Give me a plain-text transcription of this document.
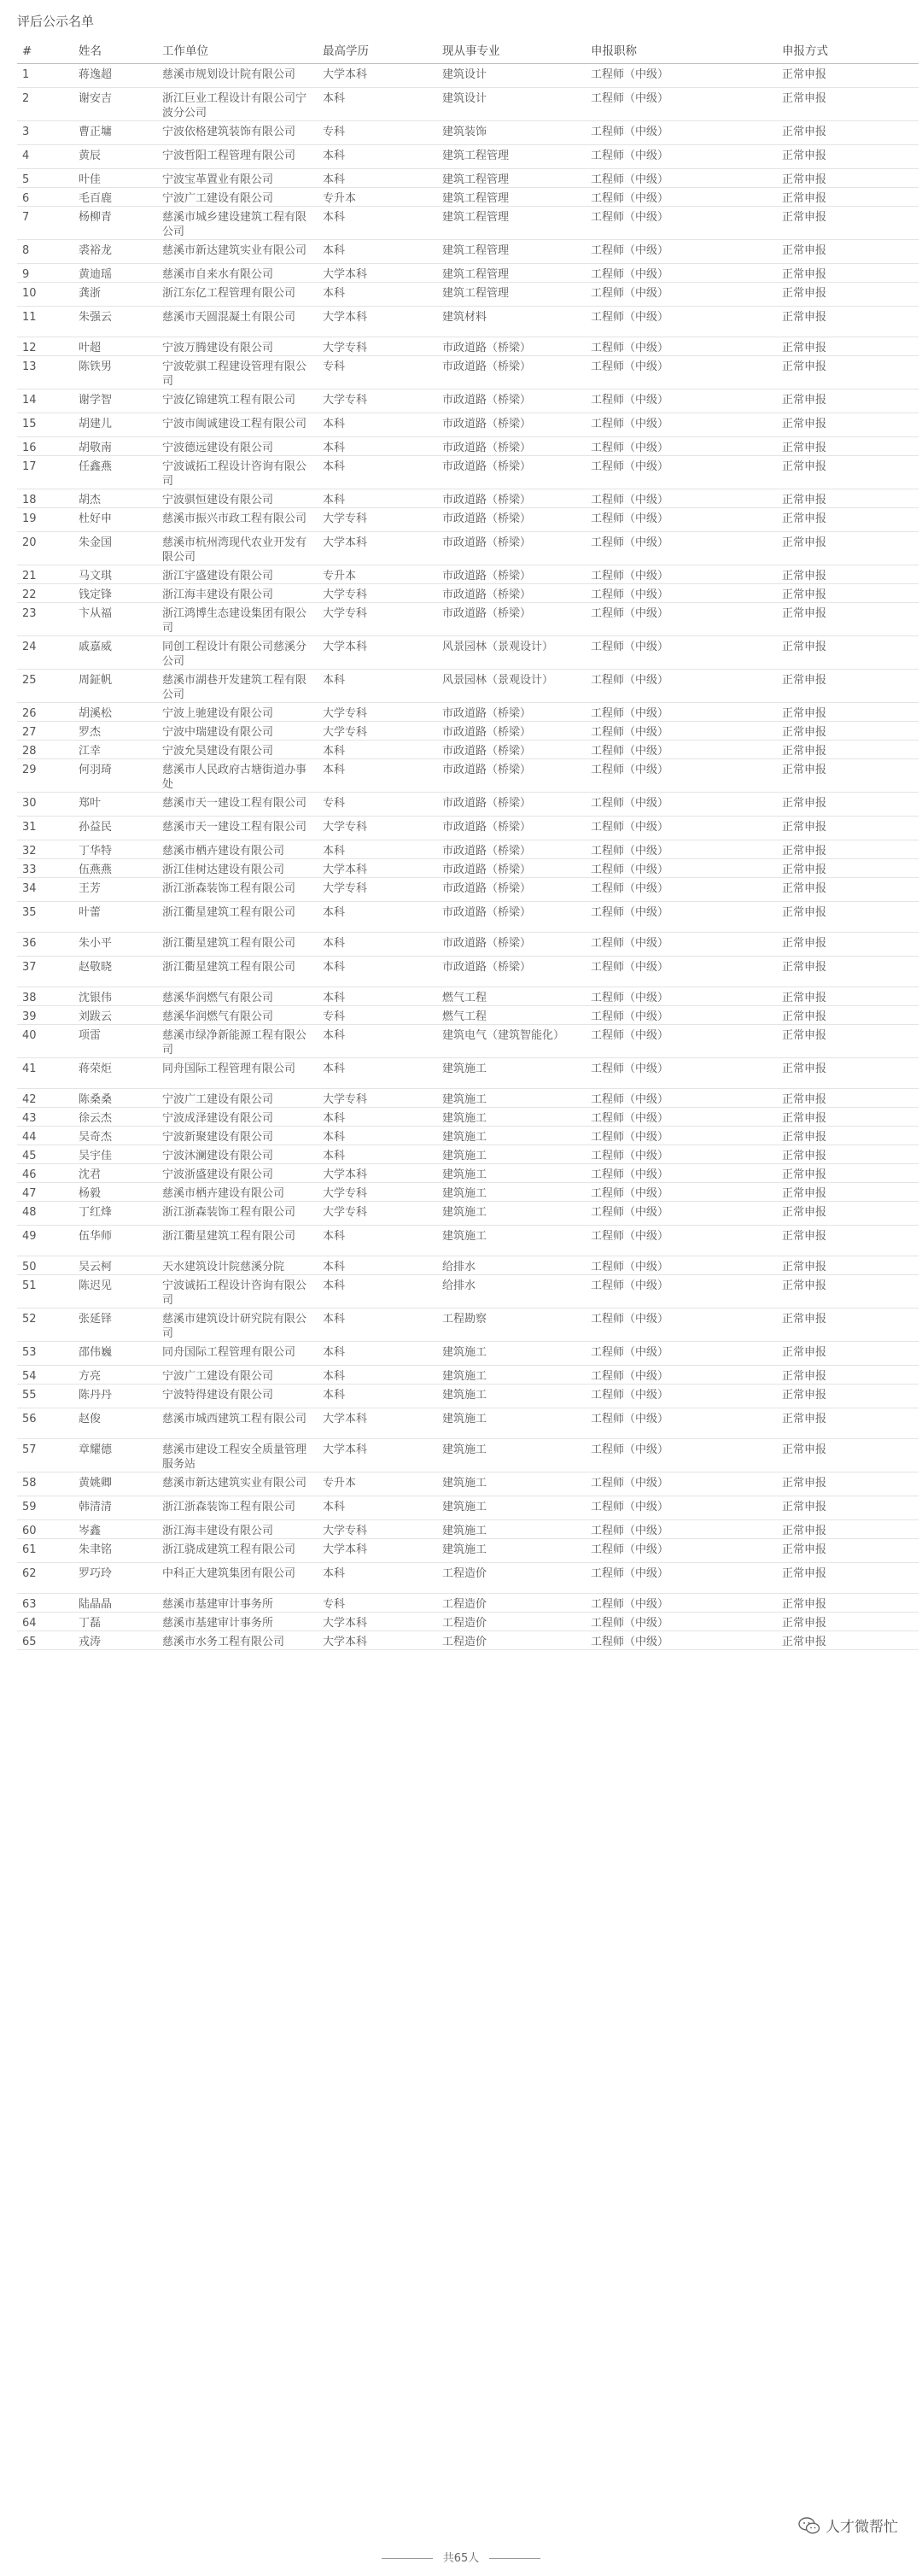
评后公示名单
#	姓名	工作单位	最高学历	现从事专业	申报职称	申报方式
1	蒋逸超	慈溪市规划设计院有限公司	大学本科	建筑设计	工程师（中级）	正常申报
2	谢安吉	浙江巨业工程设计有限公司宁波分公司	本科	建筑设计	工程师（中级）	正常申报
3	曹正墉	宁波依格建筑装饰有限公司	专科	建筑装饰	工程师（中级）	正常申报
4	黄辰	宁波哲阳工程管理有限公司	本科	建筑工程管理	工程师（中级）	正常申报
5	叶佳	宁波宝革置业有限公司	本科	建筑工程管理	工程师（中级）	正常申报
6	毛百鹿	宁波广工建设有限公司	专升本	建筑工程管理	工程师（中级）	正常申报
7	杨柳青	慈溪市城乡建设建筑工程有限公司	本科	建筑工程管理	工程师（中级）	正常申报
8	裘裕龙	慈溪市新达建筑实业有限公司	本科	建筑工程管理	工程师（中级）	正常申报
9	黄迪瑶	慈溪市自来水有限公司	大学本科	建筑工程管理	工程师（中级）	正常申报
10	龚浙	浙江东亿工程管理有限公司	本科	建筑工程管理	工程师（中级）	正常申报
11	朱强云	慈溪市天圆混凝土有限公司	大学本科	建筑材料	工程师（中级）	正常申报
12	叶超	宁波万腾建设有限公司	大学专科	市政道路（桥梁）	工程师（中级）	正常申报
13	陈铁男	宁波乾骐工程建设管理有限公司	专科	市政道路（桥梁）	工程师（中级）	正常申报
14	谢学智	宁波亿锦建筑工程有限公司	大学专科	市政道路（桥梁）	工程师（中级）	正常申报
15	胡建儿	宁波市闽诚建设工程有限公司	本科	市政道路（桥梁）	工程师（中级）	正常申报
16	胡敬南	宁波德远建设有限公司	本科	市政道路（桥梁）	工程师（中级）	正常申报
17	任鑫燕	宁波诚拓工程设计咨询有限公司	本科	市政道路（桥梁）	工程师（中级）	正常申报
18	胡杰	宁波骐恒建设有限公司	本科	市政道路（桥梁）	工程师（中级）	正常申报
19	杜好申	慈溪市振兴市政工程有限公司	大学专科	市政道路（桥梁）	工程师（中级）	正常申报
20	朱金国	慈溪市杭州湾现代农业开发有限公司	大学本科	市政道路（桥梁）	工程师（中级）	正常申报
21	马文琪	浙江宇盛建设有限公司	专升本	市政道路（桥梁）	工程师（中级）	正常申报
22	钱定锋	浙江海丰建设有限公司	大学专科	市政道路（桥梁）	工程师（中级）	正常申报
23	卞从福	浙江鸿博生态建设集团有限公司	大学专科	市政道路（桥梁）	工程师（中级）	正常申报
24	戚嘉威	同创工程设计有限公司慈溪分公司	大学本科	风景园林（景观设计）	工程师（中级）	正常申报
25	周鉦帆	慈溪市湖巷开发建筑工程有限公司	本科	风景园林（景观设计）	工程师（中级）	正常申报
26	胡溪松	宁波上驰建设有限公司	大学专科	市政道路（桥梁）	工程师（中级）	正常申报
27	罗杰	宁波中瑞建设有限公司	大学专科	市政道路（桥梁）	工程师（中级）	正常申报
28	江幸	宁波允昊建设有限公司	本科	市政道路（桥梁）	工程师（中级）	正常申报
29	何羽琦	慈溪市人民政府古塘街道办事处	本科	市政道路（桥梁）	工程师（中级）	正常申报
30	郑叶	慈溪市天一建设工程有限公司	专科	市政道路（桥梁）	工程师（中级）	正常申报
31	孙益民	慈溪市天一建设工程有限公司	大学专科	市政道路（桥梁）	工程师（中级）	正常申报
32	丁华特	慈溪市栖卉建设有限公司	本科	市政道路（桥梁）	工程师（中级）	正常申报
33	伍燕燕	浙江佳树达建设有限公司	大学本科	市政道路（桥梁）	工程师（中级）	正常申报
34	王芳	浙江浙森装饰工程有限公司	大学专科	市政道路（桥梁）	工程师（中级）	正常申报
35	叶蕾	浙江衢星建筑工程有限公司	本科	市政道路（桥梁）	工程师（中级）	正常申报
36	朱小平	浙江衢星建筑工程有限公司	本科	市政道路（桥梁）	工程师（中级）	正常申报
37	赵敬晓	浙江衢星建筑工程有限公司	本科	市政道路（桥梁）	工程师（中级）	正常申报
38	沈银伟	慈溪华润燃气有限公司	本科	燃气工程	工程师（中级）	正常申报
39	刘跋云	慈溪华润燃气有限公司	专科	燃气工程	工程师（中级）	正常申报
40	项雷	慈溪市绿净新能源工程有限公司	本科	建筑电气（建筑智能化）	工程师（中级）	正常申报
41	蒋荣炬	同舟国际工程管理有限公司	本科	建筑施工	工程师（中级）	正常申报
42	陈桑桑	宁波广工建设有限公司	大学专科	建筑施工	工程师（中级）	正常申报
43	徐云杰	宁波成泽建设有限公司	本科	建筑施工	工程师（中级）	正常申报
44	吴奇杰	宁波新聚建设有限公司	本科	建筑施工	工程师（中级）	正常申报
45	吴宇佳	宁波沐澜建设有限公司	本科	建筑施工	工程师（中级）	正常申报
46	沈君	宁波浙盛建设有限公司	大学本科	建筑施工	工程师（中级）	正常申报
47	杨毅	慈溪市栖卉建设有限公司	大学专科	建筑施工	工程师（中级）	正常申报
48	丁红烽	浙江浙森装饰工程有限公司	大学专科	建筑施工	工程师（中级）	正常申报
49	伍华师	浙江衢星建筑工程有限公司	本科	建筑施工	工程师（中级）	正常申报
50	吴云柯	天水建筑设计院慈溪分院	本科	给排水	工程师（中级）	正常申报
51	陈迟见	宁波诚拓工程设计咨询有限公司	本科	给排水	工程师（中级）	正常申报
52	张延铎	慈溪市建筑设计研究院有限公司	本科	工程勘察	工程师（中级）	正常申报
53	邵伟巍	同舟国际工程管理有限公司	本科	建筑施工	工程师（中级）	正常申报
54	方亮	宁波广工建设有限公司	本科	建筑施工	工程师（中级）	正常申报
55	陈丹丹	宁波特得建设有限公司	本科	建筑施工	工程师（中级）	正常申报
56	赵俊	慈溪市城西建筑工程有限公司	大学本科	建筑施工	工程师（中级）	正常申报
57	章耀德	慈溪市建设工程安全质量管理服务站	大学本科	建筑施工	工程师（中级）	正常申报
58	黄姚卿	慈溪市新达建筑实业有限公司	专升本	建筑施工	工程师（中级）	正常申报
59	韩清清	浙江浙森装饰工程有限公司	本科	建筑施工	工程师（中级）	正常申报
60	岑鑫	浙江海丰建设有限公司	大学专科	建筑施工	工程师（中级）	正常申报
61	朱聿铭	浙江骁成建筑工程有限公司	大学本科	建筑施工	工程师（中级）	正常申报
62	罗巧玲	中科正大建筑集团有限公司	本科	工程造价	工程师（中级）	正常申报
63	陆晶晶	慈溪市基建审计事务所	专科	工程造价	工程师（中级）	正常申报
64	丁磊	慈溪市基建审计事务所	大学本科	工程造价	工程师（中级）	正常申报
65	戎涛	慈溪市水务工程有限公司	大学本科	工程造价	工程师（中级）	正常申报
共65人
人才微帮忙
